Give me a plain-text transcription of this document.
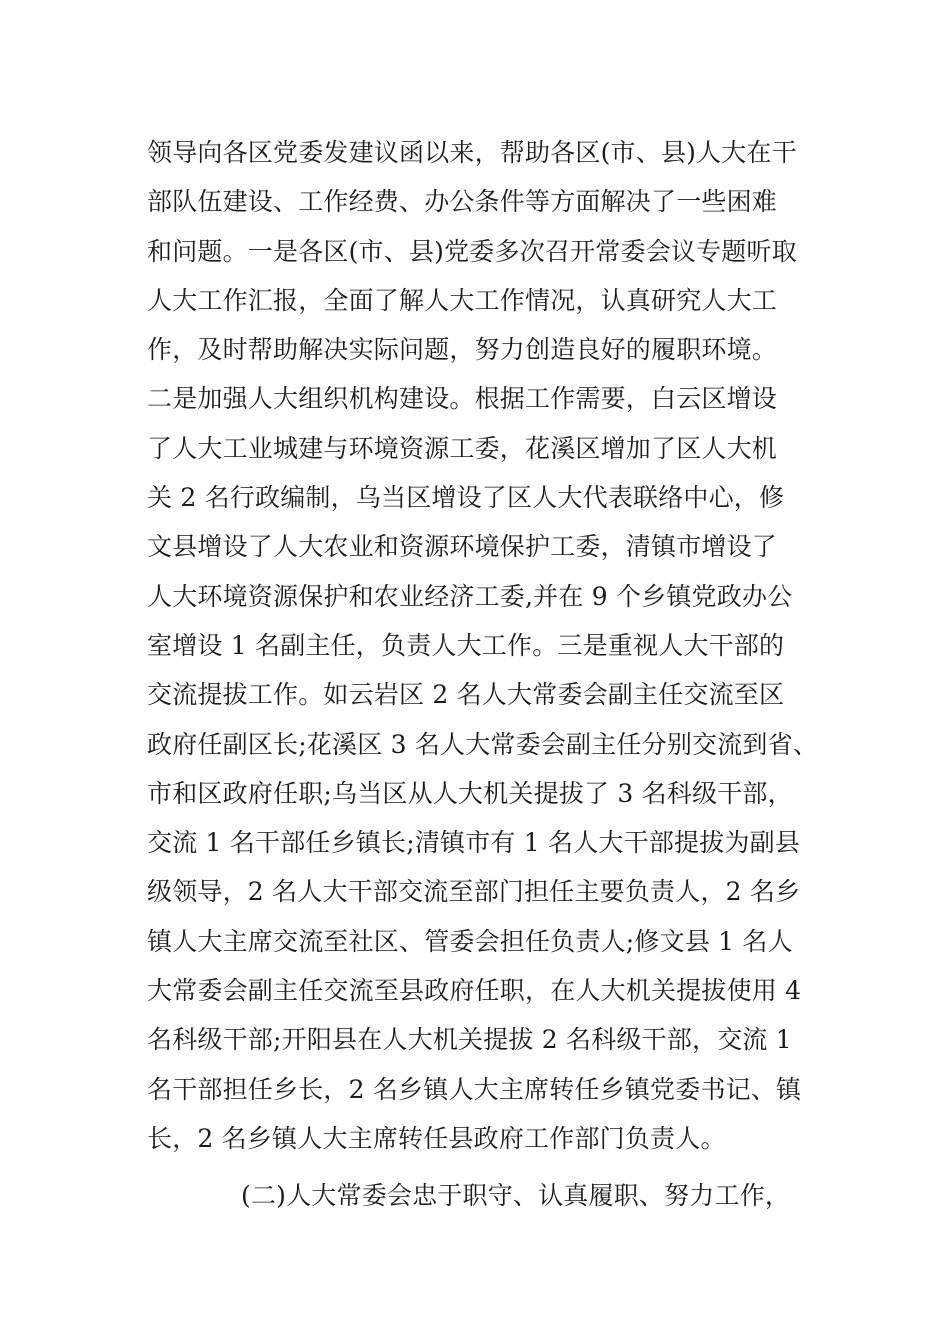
领导向各区党委发建议函以来，帮助各区(市、县)人大在干
部队伍建设、工作经费、办公条件等方面解决了一些困难
和问题。一是各区(市、县)党委多次召开常委会议专题听取
人大工作汇报，全面了解人大工作情况，认真研究人大工
作，及时帮助解决实际问题，努力创造良好的履职环境。
二是加强人大组织机构建设。根据工作需要，白云区增设
了人大工业城建与环境资源工委，花溪区增加了区人大机
关 2 名行政编制，乌当区增设了区人大代表联络中心，修
文县增设了人大农业和资源环境保护工委，清镇市增设了
人大环境资源保护和农业经济工委,并在 9 个乡镇党政办公
室增设 1 名副主任，负责人大工作。三是重视人大干部的
交流提拔工作。如云岩区 2 名人大常委会副主任交流至区
政府任副区长;花溪区 3 名人大常委会副主任分别交流到省、
市和区政府任职;乌当区从人大机关提拔了 3 名科级干部，
交流 1 名干部任乡镇长;清镇市有 1 名人大干部提拔为副县
级领导，2 名人大干部交流至部门担任主要负责人，2 名乡
镇人大主席交流至社区、管委会担任负责人;修文县 1 名人
大常委会副主任交流至县政府任职，在人大机关提拔使用 4
名科级干部;开阳县在人大机关提拔 2 名科级干部，交流 1
名干部担任乡长，2 名乡镇人大主席转任乡镇党委书记、镇
长，2 名乡镇人大主席转任县政府工作部门负责人。
(二)人大常委会忠于职守、认真履职、努力工作，
